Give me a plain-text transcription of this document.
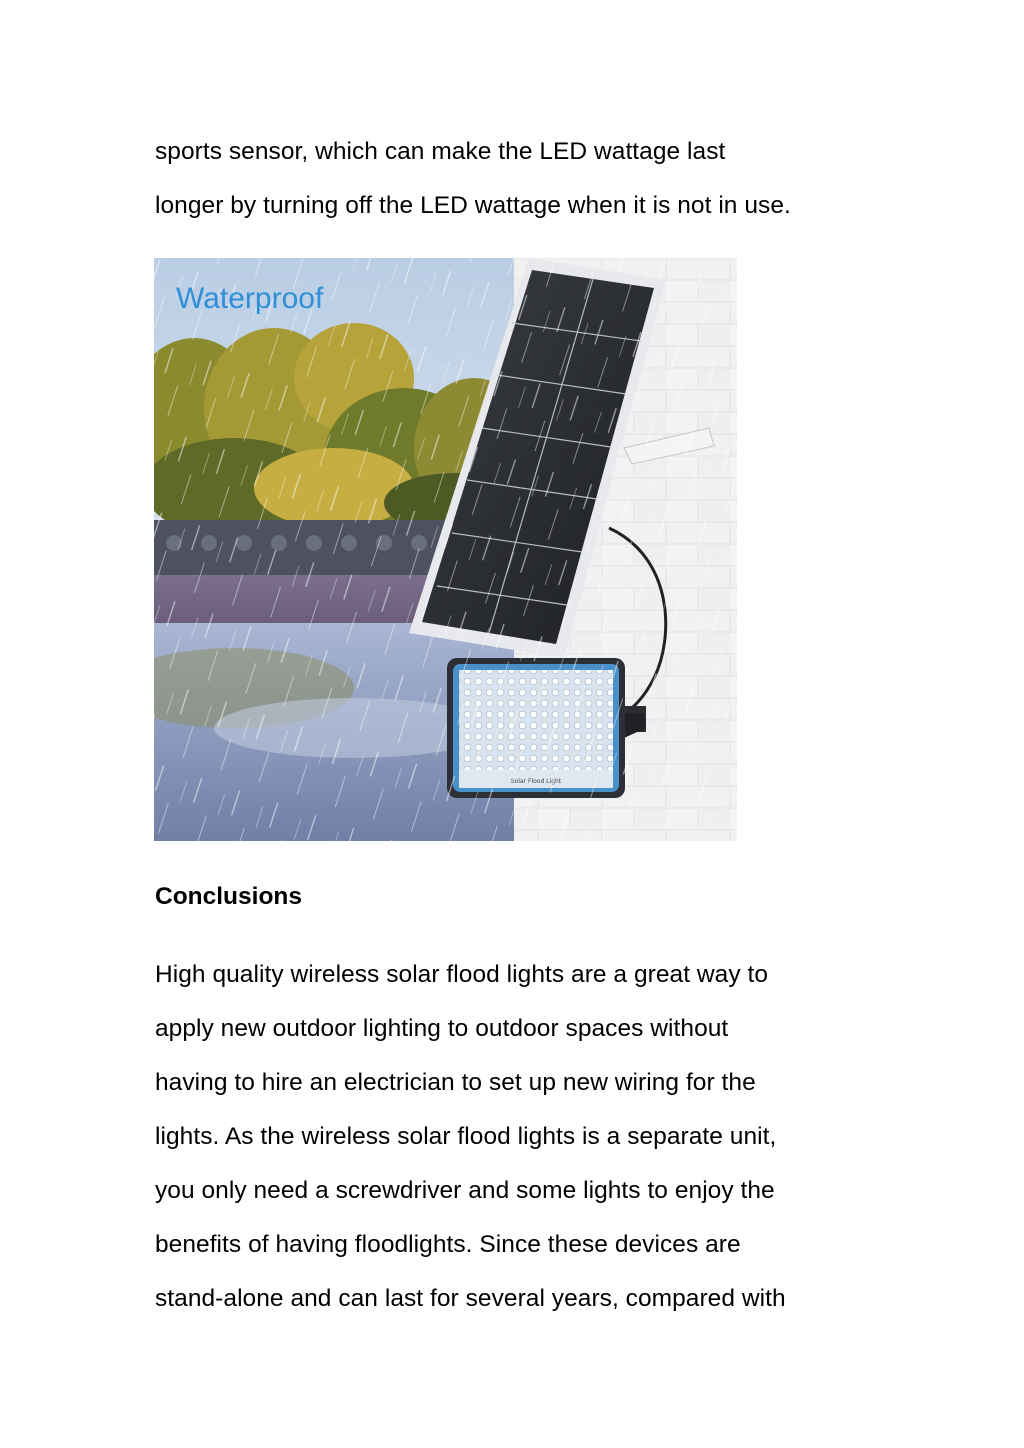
sports sensor, which can make the LED wattage last
longer by turning off the LED wattage when it is not in use.
Waterproof
Conclusions
High quality wireless solar flood lights are a great way to
apply new outdoor lighting to outdoor spaces without
having to hire an electrician to set up new wiring for the
lights. As the wireless solar flood lights is a separate unit,
you only need a screwdriver and some lights to enjoy the
benefits of having floodlights. Since these devices are
stand-alone and can last for several years, compared with
